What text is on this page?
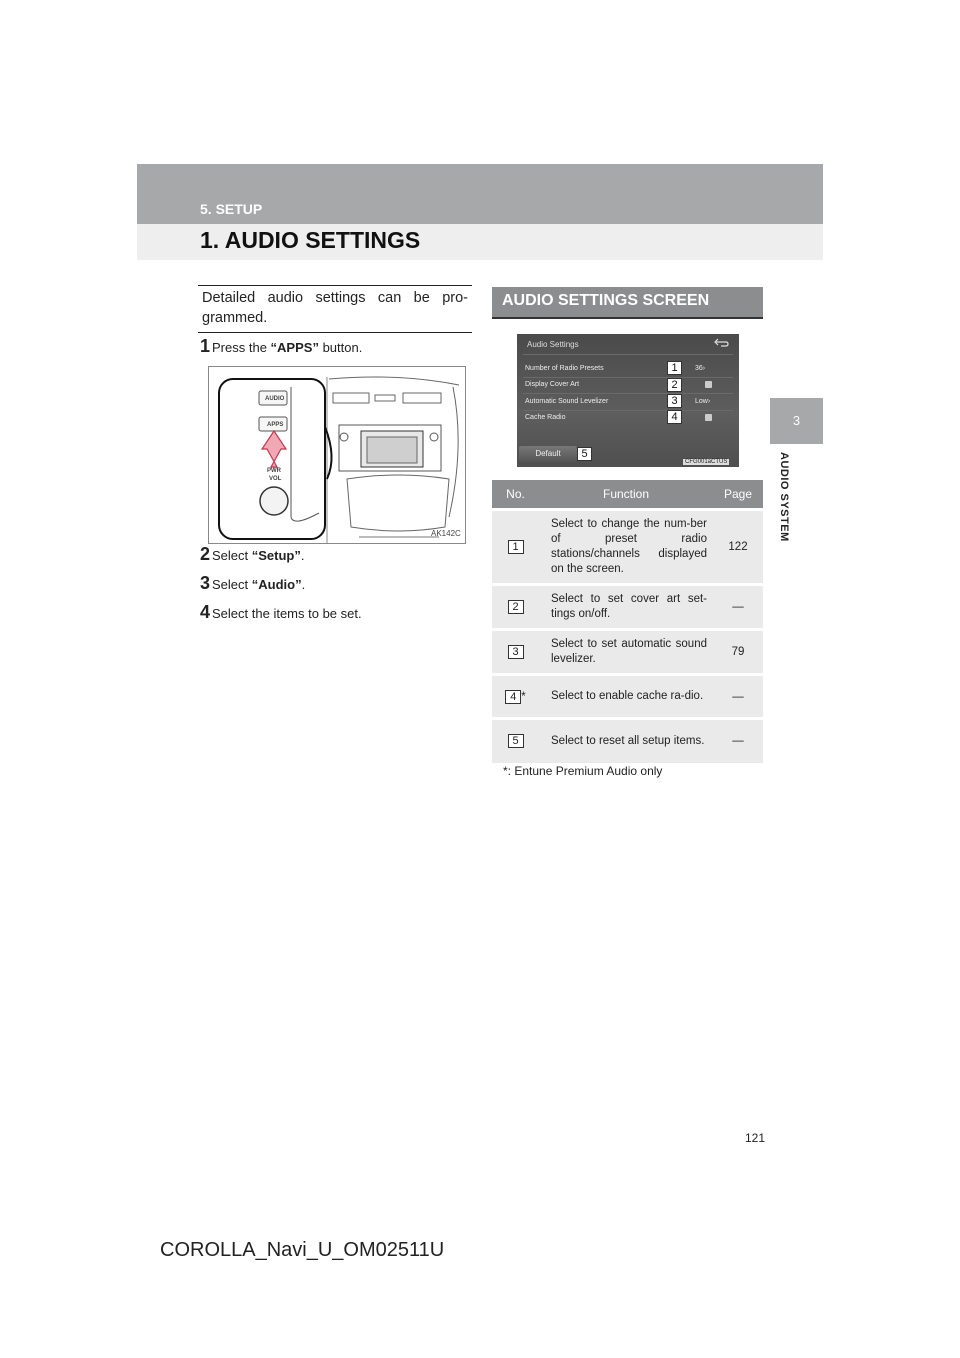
5. SETUP
1. AUDIO SETTINGS
3
AUDIO SYSTEM
Detailed audio settings can be pro-grammed.
1 Press the “APPS” button.
AUDIO
APPS
PWR
VOL
AK142C
2 Select “Setup”.
3 Select “Audio”.
4 Select the items to be set.
AUDIO SETTINGS SCREEN
Audio Settings
Number of Radio Presets	36›
1
Display Cover Art	2
Automatic Sound Levelizer	Low›
3
Cache Radio	4
Default	5
CFG001aCTUS
No.	Function	Page
1	Select to change the num-ber of preset radio stations/channels displayed on the screen.	122
2	Select to set cover art set-tings on/off.	—
3	Select to set automatic sound levelizer.	79
4 *	Select to enable cache ra-dio.	—
5	Select to reset all setup items.	—
*: Entune Premium Audio only
121
COROLLA_Navi_U_OM02511U
